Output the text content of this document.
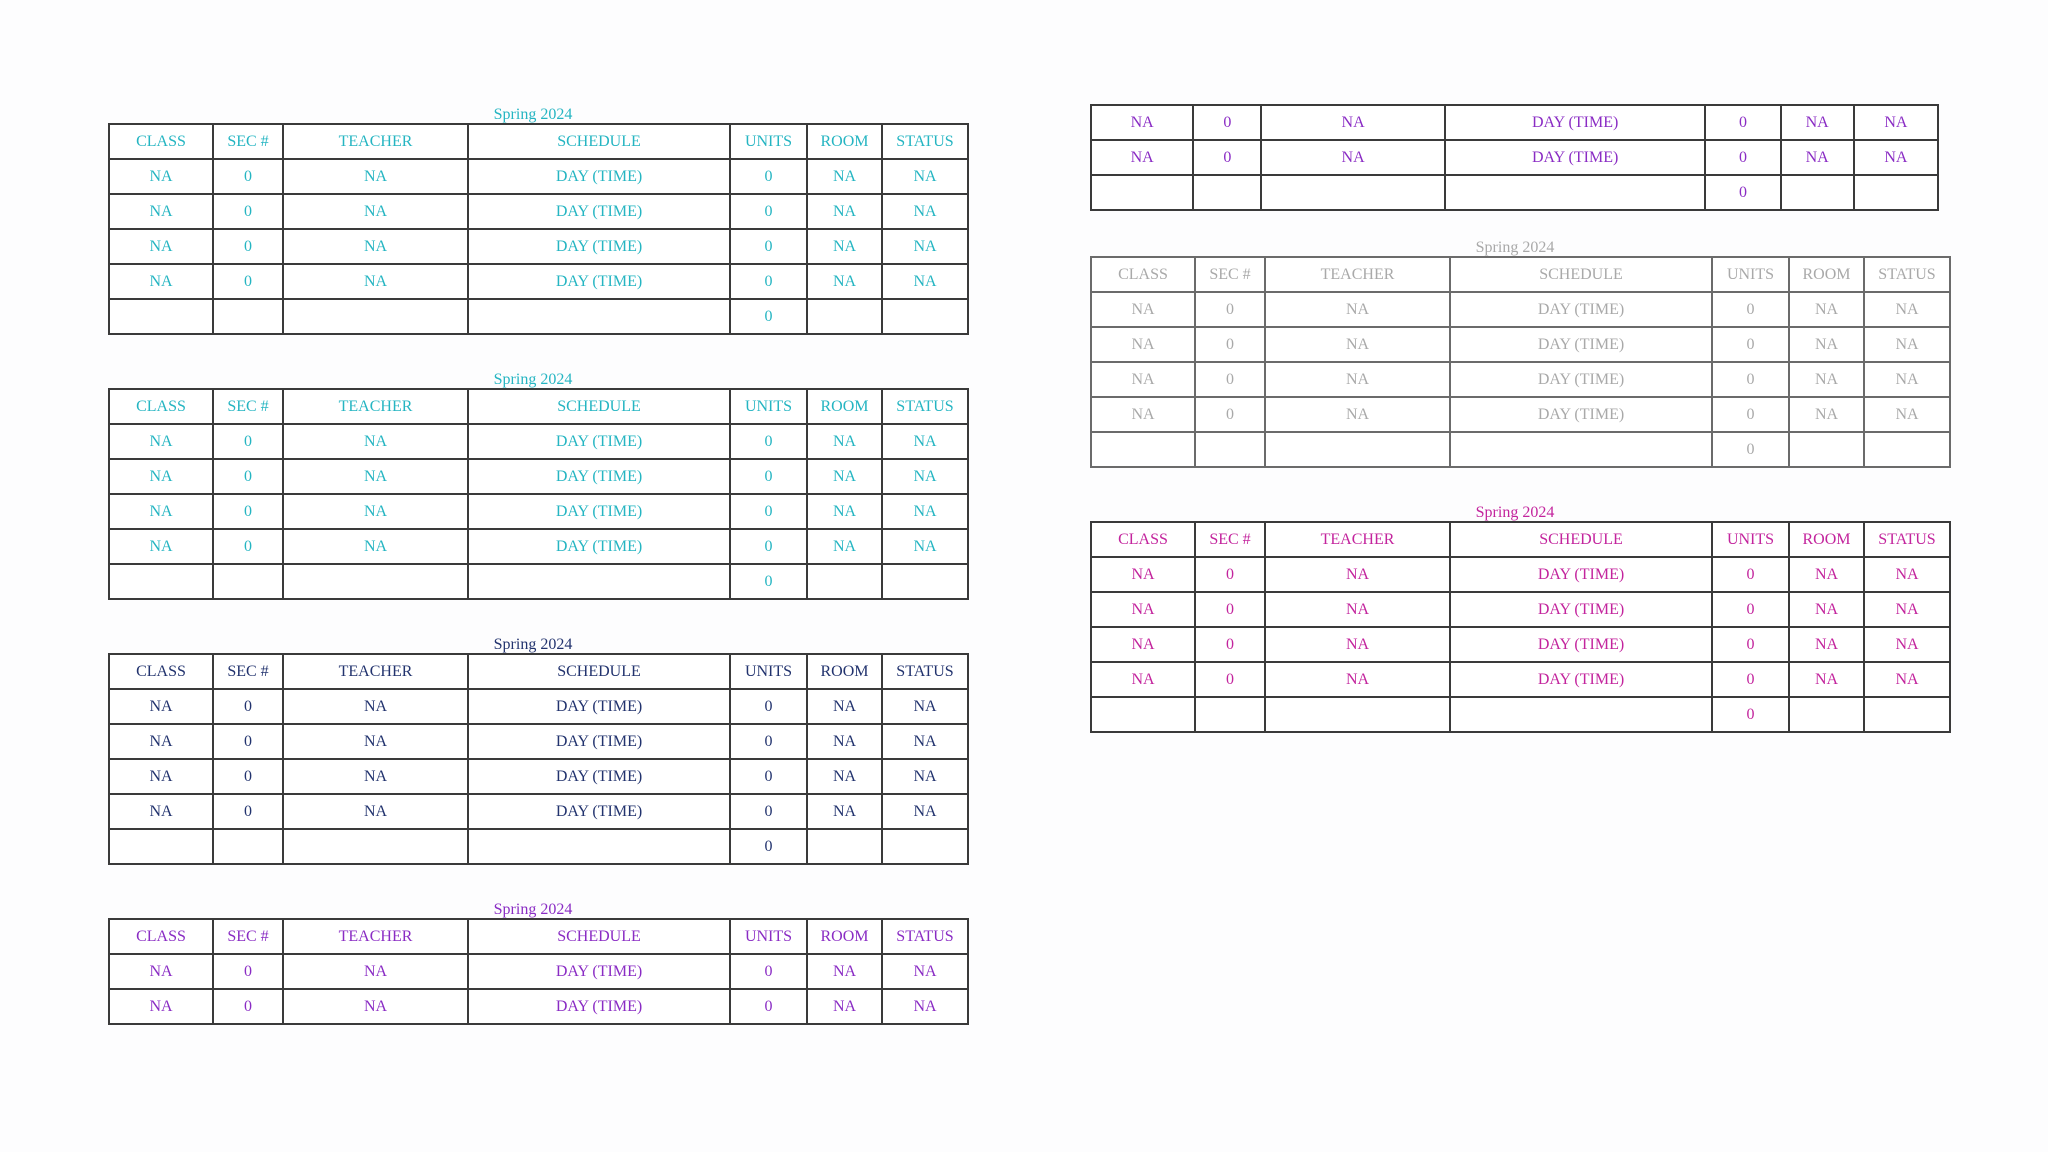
Spring 2024
CLASS	SEC #	TEACHER	SCHEDULE	UNITS	ROOM	STATUS
NA	0	NA	DAY (TIME)	0	NA	NA
NA	0	NA	DAY (TIME)	0	NA	NA
NA	0	NA	DAY (TIME)	0	NA	NA
NA	0	NA	DAY (TIME)	0	NA	NA
				0		
Spring 2024
CLASS	SEC #	TEACHER	SCHEDULE	UNITS	ROOM	STATUS
NA	0	NA	DAY (TIME)	0	NA	NA
NA	0	NA	DAY (TIME)	0	NA	NA
NA	0	NA	DAY (TIME)	0	NA	NA
NA	0	NA	DAY (TIME)	0	NA	NA
				0		
Spring 2024
CLASS	SEC #	TEACHER	SCHEDULE	UNITS	ROOM	STATUS
NA	0	NA	DAY (TIME)	0	NA	NA
NA	0	NA	DAY (TIME)	0	NA	NA
NA	0	NA	DAY (TIME)	0	NA	NA
NA	0	NA	DAY (TIME)	0	NA	NA
				0		
Spring 2024
CLASS	SEC #	TEACHER	SCHEDULE	UNITS	ROOM	STATUS
NA	0	NA	DAY (TIME)	0	NA	NA
NA	0	NA	DAY (TIME)	0	NA	NA
NA	0	NA	DAY (TIME)	0	NA	NA
NA	0	NA	DAY (TIME)	0	NA	NA
				0		
Spring 2024
CLASS	SEC #	TEACHER	SCHEDULE	UNITS	ROOM	STATUS
NA	0	NA	DAY (TIME)	0	NA	NA
NA	0	NA	DAY (TIME)	0	NA	NA
NA	0	NA	DAY (TIME)	0	NA	NA
NA	0	NA	DAY (TIME)	0	NA	NA
				0		
Spring 2024
CLASS	SEC #	TEACHER	SCHEDULE	UNITS	ROOM	STATUS
NA	0	NA	DAY (TIME)	0	NA	NA
NA	0	NA	DAY (TIME)	0	NA	NA
NA	0	NA	DAY (TIME)	0	NA	NA
NA	0	NA	DAY (TIME)	0	NA	NA
				0		
